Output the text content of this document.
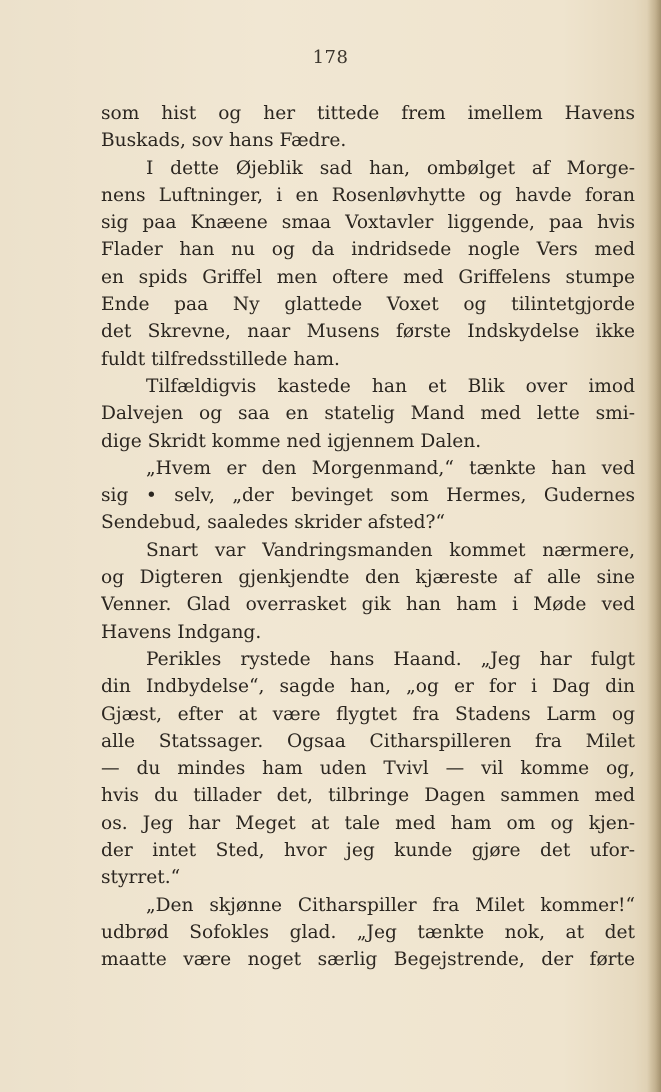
178
som hist og her tittede frem imellem Havens
Buskads, sov hans Fædre.
I dette Øjeblik sad han, ombølget af Morge-
nens Luftninger, i en Rosenløvhytte og havde foran
sig paa Knæene smaa Voxtavler liggende, paa hvis
Flader han nu og da indridsede nogle Vers med
en spids Griffel men oftere med Griffelens stumpe
Ende paa Ny glattede Voxet og tilintetgjorde
det Skrevne, naar Musens første Indskydelse ikke
fuldt tilfredsstillede ham.
Tilfældigvis kastede han et Blik over imod
Dalvejen og saa en statelig Mand med lette smi-
dige Skridt komme ned igjennem Dalen.
„Hvem er den Morgenmand,“ tænkte han ved
sig • selv, „der bevinget som Hermes, Gudernes
Sendebud, saaledes skrider afsted?“
Snart var Vandringsmanden kommet nærmere,
og Digteren gjenkjendte den kjæreste af alle sine
Venner. Glad overrasket gik han ham i Møde ved
Havens Indgang.
Perikles rystede hans Haand. „Jeg har fulgt
din Indbydelse“, sagde han, „og er for i Dag din
Gjæst, efter at være flygtet fra Stadens Larm og
alle Statssager. Ogsaa Citharspilleren fra Milet
— du mindes ham uden Tvivl — vil komme og,
hvis du tillader det, tilbringe Dagen sammen med
os. Jeg har Meget at tale med ham om og kjen-
der intet Sted, hvor jeg kunde gjøre det ufor-
styrret.“
„Den skjønne Citharspiller fra Milet kommer!“
udbrød Sofokles glad. „Jeg tænkte nok, at det
maatte være noget særlig Begejstrende, der førte
